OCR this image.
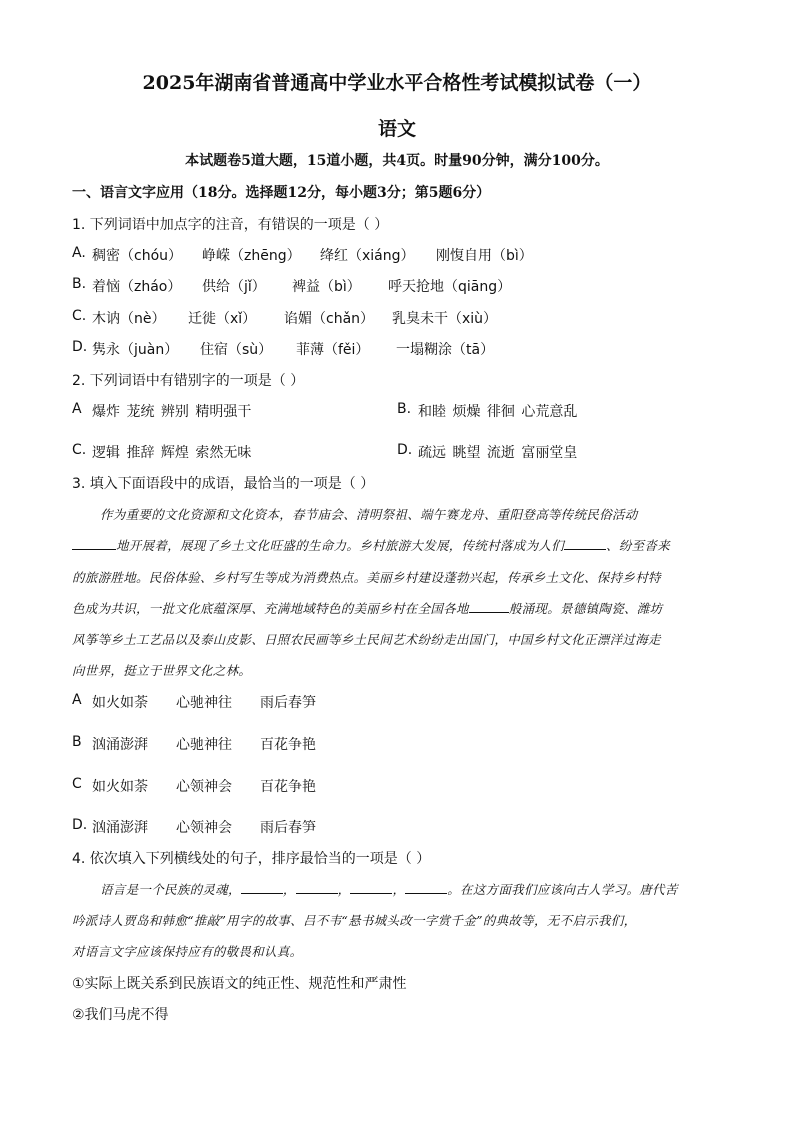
2025年湖南省普通高中学业水平合格性考试模拟试卷（一）
语文
本试题卷5道大题，15道小题，共4页。时量90分钟，满分100分。
一、语言文字应用（18分。选择题12分，每小题3分；第5题6分）
1. 下列词语中加点字的注音，有错误的一项是（ ）
A. 稠密（chóu） 峥嵘（zhēng） 绛红（xiáng） 刚愎自用（bì）
B. 着恼（zháo） 供给（jǐ） 裨益（bì） 呼天抢地（qiāng）
C. 木讷（nè） 迁徙（xǐ） 谄媚（chǎn） 乳臭未干（xiù）
D. 隽永（juàn） 住宿（sù） 菲薄（fěi） 一塌糊涂（tā）
2. 下列词语中有错别字的一项是（ ）
A 爆炸 茏统 辨别 精明强干	B. 和睦 烦燥 徘徊 心荒意乱
C. 逻辑 推辞 辉煌 索然无味	D. 疏远 眺望 流逝 富丽堂皇
3. 填入下面语段中的成语，最恰当的一项是（ ）
作为重要的文化资源和文化资本，春节庙会、清明祭祖、端午赛龙舟、重阳登高等传统民俗活动
地开展着，展现了乡土文化旺盛的生命力。乡村旅游大发展，传统村落成为人们	、纷至沓来
的旅游胜地。民俗体验、乡村写生等成为消费热点。美丽乡村建设蓬勃兴起，传承乡土文化、保持乡村特
色成为共识，一批文化底蕴深厚、充满地域特色的美丽乡村在全国各地	般涌现。景德镇陶瓷、潍坊
风筝等乡土工艺品以及泰山皮影、日照农民画等乡土民间艺术纷纷走出国门，中国乡村文化正漂洋过海走
向世界，挺立于世界文化之林。
A 如火如荼 心驰神往 雨后春笋
B 汹涌澎湃 心驰神往 百花争艳
C 如火如荼 心领神会 百花争艳
D. 汹涌澎湃 心领神会 雨后春笋
4. 依次填入下列横线处的句子，排序最恰当的一项是（ ）
语言是一个民族的灵魂，	，	，	，	。在这方面我们应该向古人学习。唐代苦
吟派诗人贾岛和韩愈“推敲”用字的故事、吕不韦“悬书城头改一字赏千金”的典故等，无不启示我们，
对语言文字应该保持应有的敬畏和认真。
①实际上既关系到民族语文的纯正性、规范性和严肃性
②我们马虎不得
